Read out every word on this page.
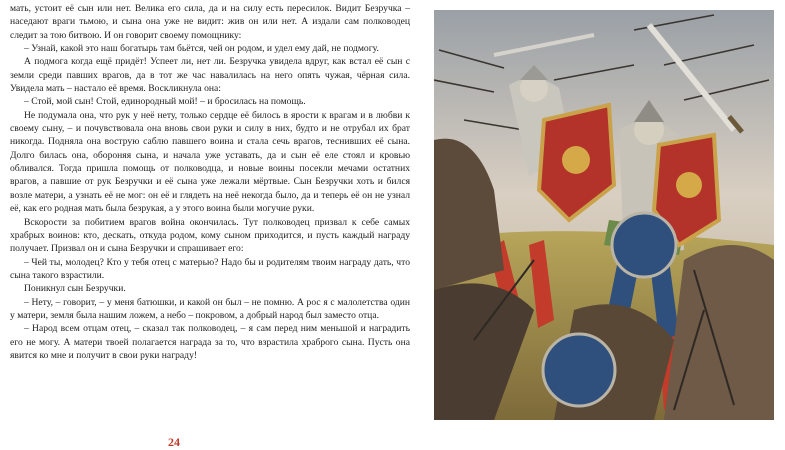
мать, устоит её сын или нет. Велика его сила, да и на силу есть пересилок. Видит Безручка – наседают враги тьмою, и сына она уже не видит: жив он или нет. А издали сам полководец следит за тою битвою. И он говорит своему помощнику:

– Узнай, какой это наш богатырь там бьётся, чей он родом, и удел ему дай, не подмогу.

А подмога когда ещё придёт! Успеет ли, нет ли. Безручка увидела вдруг, как встал её сын с земли среди павших врагов, да в тот же час навалилась на него опять чужая, чёрная сила. Увидела мать – настало её время. Воскликнула она:

– Стой, мой сын! Стой, единородный мой! – и бросилась на помощь.

Не подумала она, что рук у неё нету, только сердце её билось в ярости к врагам и в любви к своему сыну, – и почувствовала она вновь свои руки и силу в них, будто и не отрубал их брат никогда. Подняла она вострую саблю павшего воина и стала сечь врагов, теснивших её сына. Долго билась она, обороняя сына, и начала уже уставать, да и сын её еле стоял и кровью обливался. Тогда пришла помощь от полководца, и новые воины посекли мечами остатних врагов, а павшие от рук Безручки и её сына уже лежали мёртвые. Сын Безручки хоть и бился возле матери, а узнать её не мог: он её и глядеть на неё некогда было, да и теперь её он не узнал её, как его родная мать была безрукая, а у этого воина были могучие руки.

Вскорости за побитием врагов война окончилась. Тут полководец призвал к себе самых храбрых воинов: кто, дескать, откуда родом, кому сыном приходится, и пусть каждый награду получает. Призвал он и сына Безручки и спрашивает его:

– Чей ты, молодец? Кто у тебя отец с матерью? Надо бы и родителям твоим награду дать, что сына такого взрастили.

Поникнул сын Безручки.

– Нету, – говорит, – у меня батюшки, и какой он был – не помню. А рос я с малолетства один у матери, земля была нашим ложем, а небо – покровом, а добрый народ был заместо отца.

– Народ всем отцам отец, – сказал так полководец, – я сам перед ним меньшой и наградить его не могу. А матери твоей полагается награда за то, что взрастила храброго сына. Пусть она явится ко мне и получит в свои руки награду!

24
